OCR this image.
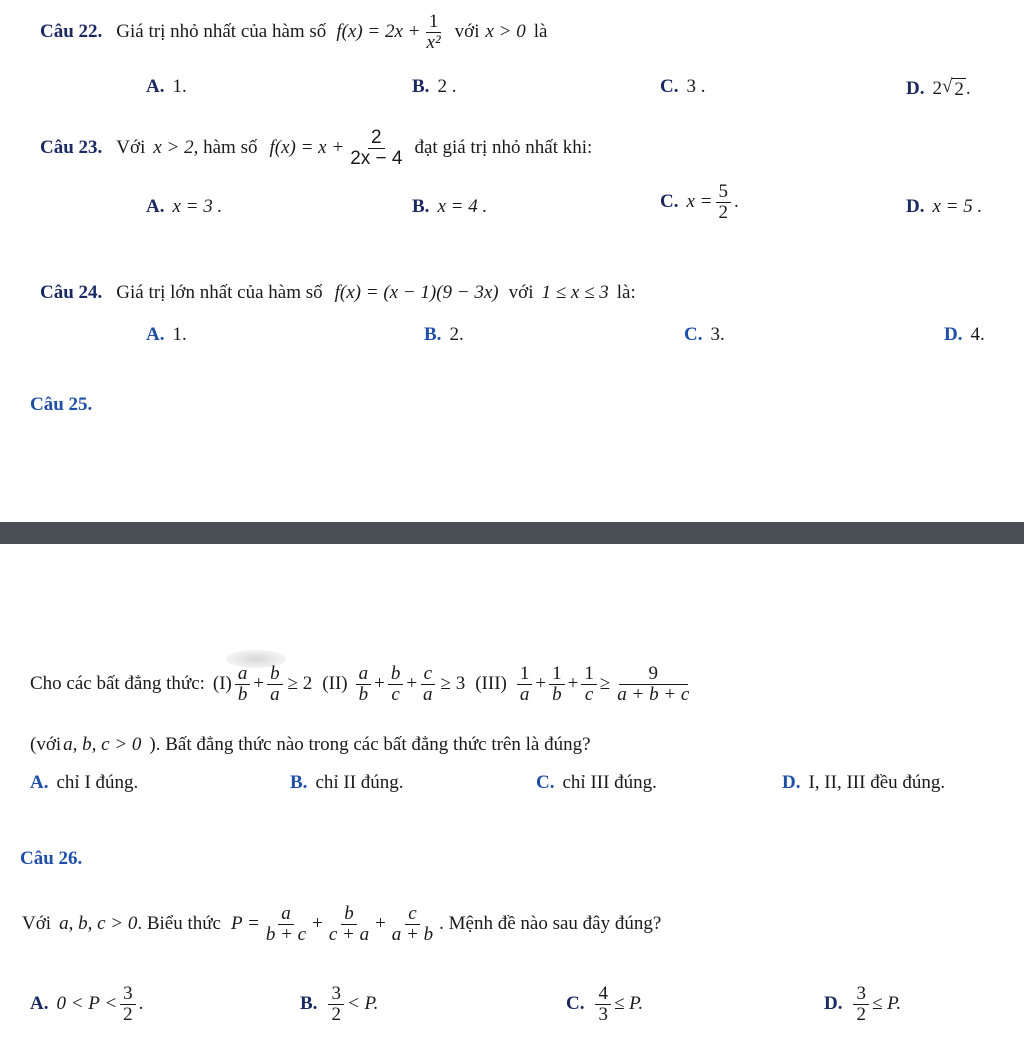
Câu 22. Giá trị nhỏ nhất của hàm số $f(x) = 2x + \frac{1}{\text{x²}}$ với x > 0 là
A. 1.	B. 2 .	C. 3 .	D. 2 √ 2 .
Câu 23. Với x > 2 , hàm số $f(x) = x + \frac{2}{2x - 4}$ đạt giá trị nhỏ nhất khi:
A. x = 3 .	B. x = 4 .	C. $x = \frac{5}{2}$ .	D. x = 5 .
Câu 24. Giá trị lớn nhất của hàm số f(x) = (x − 1)(9 − 3x) với 1 ≤ x ≤ 3 là:
A. 1.	B. 2.	C. 3.	D. 4.
Câu 25.
Cho các bất đẳng thức: $(I) \frac{a}{b} + \frac{b}{a} \ge 2$ $(II) \frac{a}{b} + \frac{b}{c} + \frac{c}{a} \ge 3$ $(III) \frac{1}{a} + \frac{1}{b} + \frac{1}{c} \ge \frac{9}{a + b + c}$
(với a, b, c > 0 ). Bất đẳng thức nào trong các bất đẳng thức trên là đúng?
A. chỉ I đúng.	B. chỉ II đúng.	C. chỉ III đúng.	D. I, II, III đều đúng.
Câu 26.
Với a, b, c > 0 . Biểu thức $P = \frac{a}{b + c} + \frac{b}{c + a} + \frac{c}{a + b}$ . Mệnh đề nào sau đây đúng?
A. $0 < P < \frac{3}{2}$ .	B. $\frac{3}{2} < P$.	C. $\frac{4}{3} \le P$.	D. $\frac{3}{2} \le P$.
